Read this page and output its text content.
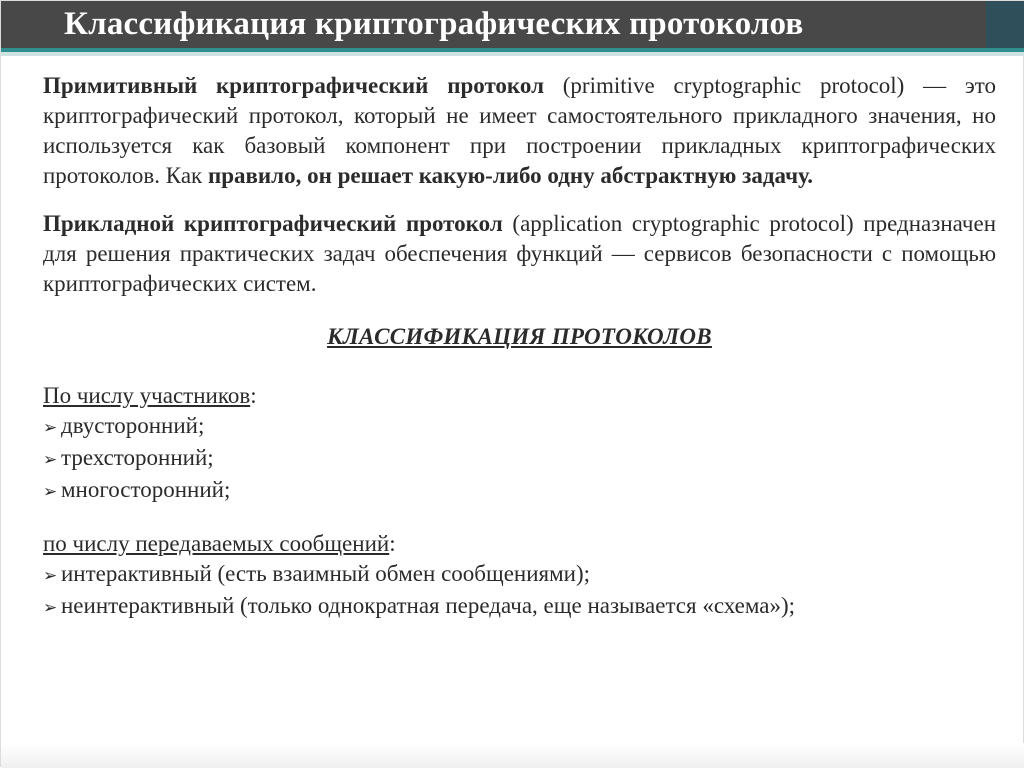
Классификация криптографических протоколов

Примитивный криптографический протокол (primitive cryptographic protocol) — это криптографический протокол, который не имеет самостоятельного прикладного значения, но используется как базовый компонент при построении прикладных криптографических протоколов. Как правило, он решает какую-либо одну абстрактную задачу.

Прикладной криптографический протокол (application cryptographic protocol) предназначен для решения практических задач обеспечения функций — сервисов безопасности с помощью криптографических систем.

КЛАССИФИКАЦИЯ ПРОТОКОЛОВ

По числу участников:
➢ двусторонний;
➢ трехсторонний;
➢ многосторонний;
по числу передаваемых сообщений:
➢ интерактивный (есть взаимный обмен сообщениями);
➢ неинтерактивный (только однократная передача, еще называется «схема»);
